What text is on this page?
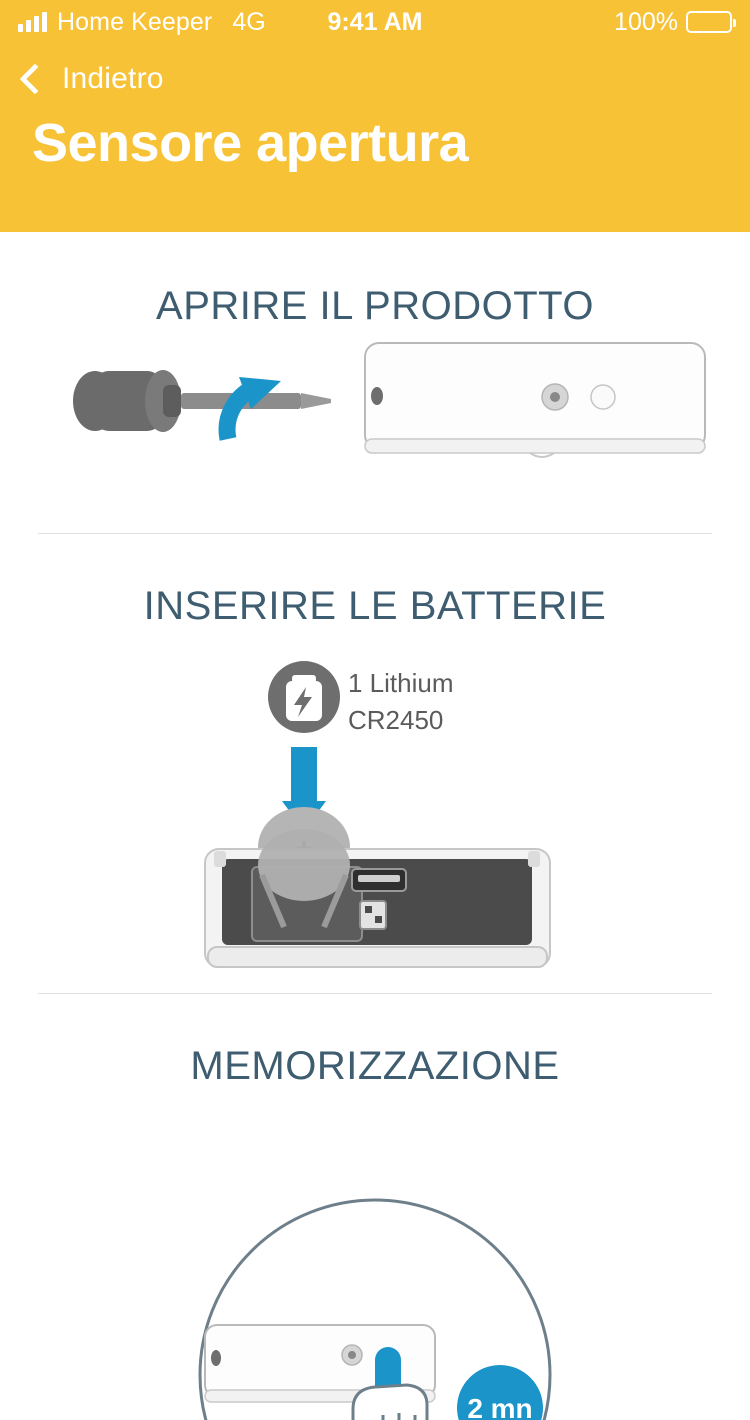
Home Keeper 4G	9:41 AM	100%
Indietro
Sensore apertura
APRIRE IL PRODOTTO
INSERIRE LE BATTERIE
1 Lithium
CR2450
MEMORIZZAZIONE
2 mn
